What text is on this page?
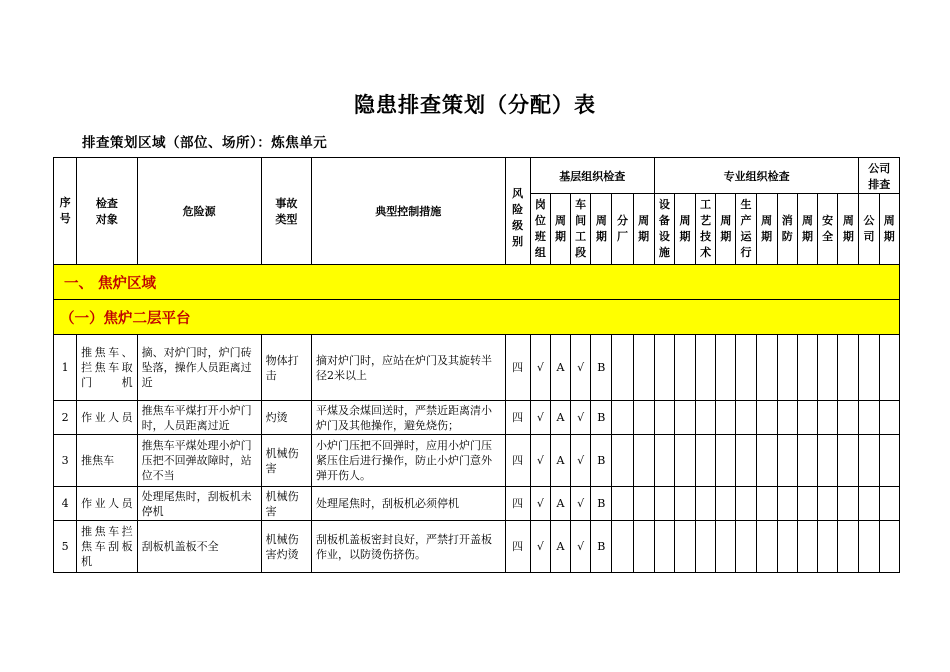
隐患排查策划（分配）表
排查策划区域（部位、场所）：炼焦单元
序号	检查对象	危险源	事故类型	典型控制措施	风险级别	基层组织检查						专业组织检查										公司排查	
						岗位班组	周期	车间工段	周期	分厂	周期	设备设施	周期	工艺技术	周期	生产运行	周期	消防	周期	安全	周期	公司	周期
一、 焦炉区域																							
（一）焦炉二层平台																							
1	推焦车、拦焦车取门机	摘、对炉门时，炉门砖坠落，操作人员距离过近	物体打击	摘对炉门时，应站在炉门及其旋转半径2米以上	四	√	A	√	B														
2	作业人员	推焦车平煤打开小炉门时，人员距离过近	灼烫	平煤及余煤回送时，严禁近距离清小炉门及其他操作，避免烧伤；	四	√	A	√	B														
3	推焦车	推焦车平煤处理小炉门压把不回弹故障时，站位不当	机械伤害	小炉门压把不回弹时，应用小炉门压紧压住后进行操作，防止小炉门意外弹开伤人。	四	√	A	√	B														
4	作业人员	处理尾焦时，刮板机未停机	机械伤害	处理尾焦时，刮板机必须停机	四	√	A	√	B														
5	推焦车拦焦车刮板机	刮板机盖板不全	机械伤害灼烫	刮板机盖板密封良好，严禁打开盖板作业，以防烫伤挤伤。	四	√	A	√	B														
